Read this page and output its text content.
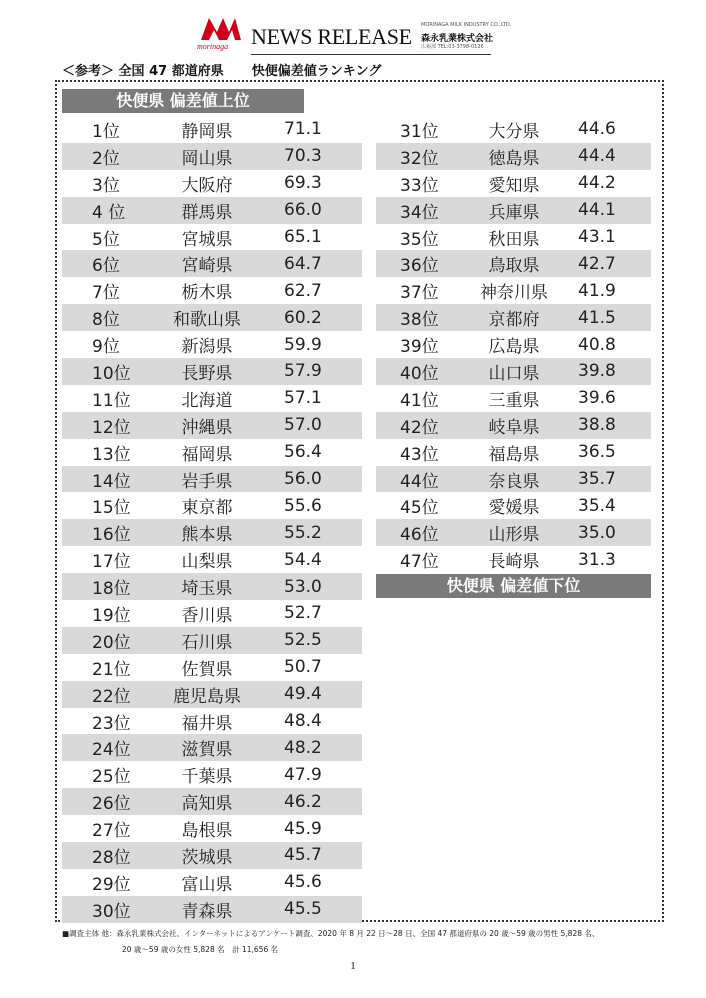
morinaga NEWS RELEASE MORINAGA MILK INDUSTRY CO.,LTD.
森永乳業株式会社
広報部 TEL:03-3798-0126
＜参考＞ 全国 47 都道府県 快便偏差値ランキング
快便県 偏差値上位
1位	静岡県	71.1
2位	岡山県	70.3
3位	大阪府	69.3
4 位	群馬県	66.0
5位	宮城県	65.1
6位	宮崎県	64.7
7位	栃木県	62.7
8位	和歌山県	60.2
9位	新潟県	59.9
10位	長野県	57.9
11位	北海道	57.1
12位	沖縄県	57.0
13位	福岡県	56.4
14位	岩手県	56.0
15位	東京都	55.6
16位	熊本県	55.2
17位	山梨県	54.4
18位	埼玉県	53.0
19位	香川県	52.7
20位	石川県	52.5
21位	佐賀県	50.7
22位	鹿児島県	49.4
23位	福井県	48.4
24位	滋賀県	48.2
25位	千葉県	47.9
26位	高知県	46.2
27位	島根県	45.9
28位	茨城県	45.7
29位	富山県	45.6
30位	青森県	45.5
31位	大分県	44.6
32位	徳島県	44.4
33位	愛知県	44.2
34位	兵庫県	44.1
35位	秋田県	43.1
36位	鳥取県	42.7
37位	神奈川県	41.9
38位	京都府	41.5
39位	広島県	40.8
40位	山口県	39.8
41位	三重県	39.6
42位	岐阜県	38.8
43位	福島県	36.5
44位	奈良県	35.7
45位	愛媛県	35.4
46位	山形県	35.0
47位	長崎県	31.3
快便県 偏差値下位
■調査主体 他：森永乳業株式会社、インターネットによるアンケート調査、2020 年 8 月 22 日～28 日、全国 47 都道府県の 20 歳～59 歳の男性 5,828 名、
20 歳～59 歳の女性 5,828 名　計 11,656 名
1
